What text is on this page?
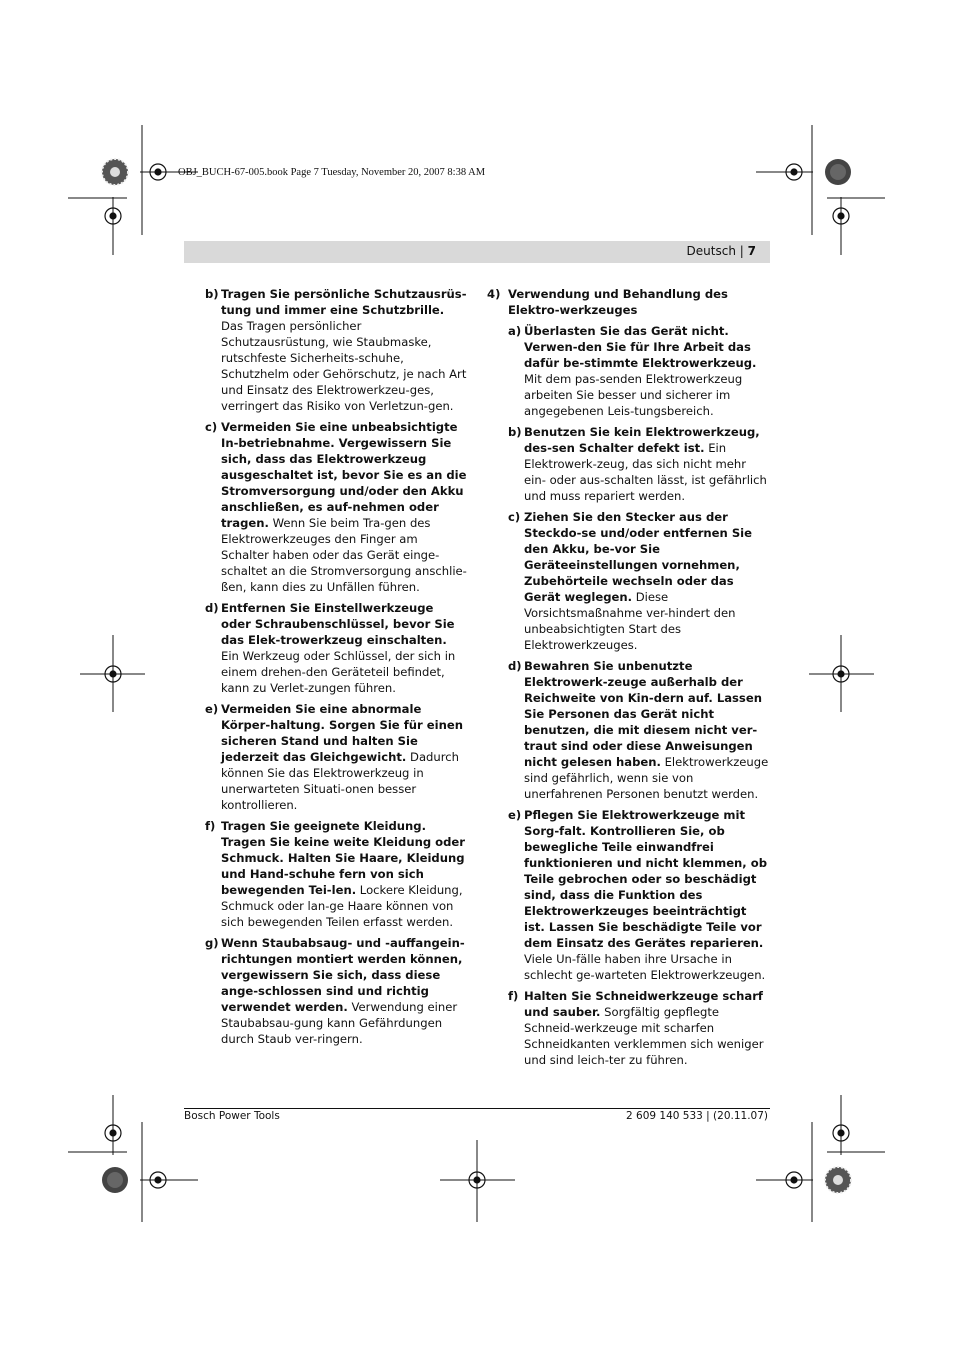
OBJ_BUCH-67-005.book Page 7 Tuesday, November 20, 2007 8:38 AM
Deutsch | 7
b) Tragen Sie persönliche Schutzausrüs-tung und immer eine Schutzbrille. Das Tragen persönlicher Schutzausrüstung, wie Staubmaske, rutschfeste Sicherheits-schuhe, Schutzhelm oder Gehörschutz, je nach Art und Einsatz des Elektrowerkzeu-ges, verringert das Risiko von Verletzun-gen.
c) Vermeiden Sie eine unbeabsichtigte In-betriebnahme. Vergewissern Sie sich, dass das Elektrowerkzeug ausgeschaltet ist, bevor Sie es an die Stromversorgung und/oder den Akku anschließen, es auf-nehmen oder tragen. Wenn Sie beim Tra-gen des Elektrowerkzeuges den Finger am Schalter haben oder das Gerät einge-schaltet an die Stromversorgung anschlie-ßen, kann dies zu Unfällen führen.
d) Entfernen Sie Einstellwerkzeuge oder Schraubenschlüssel, bevor Sie das Elek-trowerkzeug einschalten. Ein Werkzeug oder Schlüssel, der sich in einem drehen-den Geräteteil befindet, kann zu Verlet-zungen führen.
e) Vermeiden Sie eine abnormale Körper-haltung. Sorgen Sie für einen sicheren Stand und halten Sie jederzeit das Gleichgewicht. Dadurch können Sie das Elektrowerkzeug in unerwarteten Situati-onen besser kontrollieren.
f) Tragen Sie geeignete Kleidung. Tragen Sie keine weite Kleidung oder Schmuck. Halten Sie Haare, Kleidung und Hand-schuhe fern von sich bewegenden Tei-len. Lockere Kleidung, Schmuck oder lan-ge Haare können von sich bewegenden Teilen erfasst werden.
g) Wenn Staubabsaug- und -auffangein-richtungen montiert werden können, vergewissern Sie sich, dass diese ange-schlossen sind und richtig verwendet werden. Verwendung einer Staubabsau-gung kann Gefährdungen durch Staub ver-ringern.
4) Verwendung und Behandlung des Elektro-werkzeuges
a) Überlasten Sie das Gerät nicht. Verwen-den Sie für Ihre Arbeit das dafür be-stimmte Elektrowerkzeug. Mit dem pas-senden Elektrowerkzeug arbeiten Sie besser und sicherer im angegebenen Leis-tungsbereich.
b) Benutzen Sie kein Elektrowerkzeug, des-sen Schalter defekt ist. Ein Elektrowerk-zeug, das sich nicht mehr ein- oder aus-schalten lässt, ist gefährlich und muss repariert werden.
c) Ziehen Sie den Stecker aus der Steckdo-se und/oder entfernen Sie den Akku, be-vor Sie Geräteeinstellungen vornehmen, Zubehörteile wechseln oder das Gerät weglegen. Diese Vorsichtsmaßnahme ver-hindert den unbeabsichtigten Start des Elektrowerkzeuges.
d) Bewahren Sie unbenutzte Elektrowerk-zeuge außerhalb der Reichweite von Kin-dern auf. Lassen Sie Personen das Gerät nicht benutzen, die mit diesem nicht ver-traut sind oder diese Anweisungen nicht gelesen haben. Elektrowerkzeuge sind gefährlich, wenn sie von unerfahrenen Personen benutzt werden.
e) Pflegen Sie Elektrowerkzeuge mit Sorg-falt. Kontrollieren Sie, ob bewegliche Teile einwandfrei funktionieren und nicht klemmen, ob Teile gebrochen oder so beschädigt sind, dass die Funktion des Elektrowerkzeuges beeinträchtigt ist. Lassen Sie beschädigte Teile vor dem Einsatz des Gerätes reparieren. Viele Un-fälle haben ihre Ursache in schlecht ge-warteten Elektrowerkzeugen.
f) Halten Sie Schneidwerkzeuge scharf und sauber. Sorgfältig gepflegte Schneid-werkzeuge mit scharfen Schneidkanten verklemmen sich weniger und sind leich-ter zu führen.
Bosch Power Tools	2 609 140 533 | (20.11.07)
